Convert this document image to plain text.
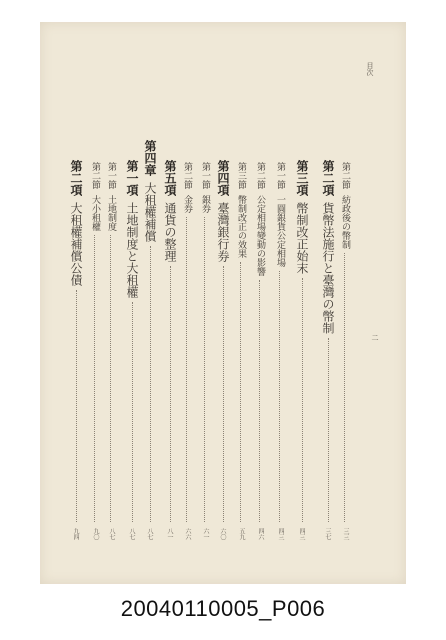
目次
二
第二節
紡政後の幣制
三三
第二項
貨幣法施行と臺灣の幣制
三七
第三項
幣制改正始末
四三
第一節
一圓銀貨公定相場
四三
第二節
公定相場變動の影響
四六
第三節
幣制改正の效果
五九
第四項
臺灣銀行券
六〇
第一節
銀券
六一
第二節
金券
六六
第五項
通貨の整理
八一
第四章
大租權補償
八七
第一項
土地制度と大租權
八七
第一節
土地制度
八七
第二節
大小租權
九〇
第二項
大租權補償公債
九四
20040110005_P006
